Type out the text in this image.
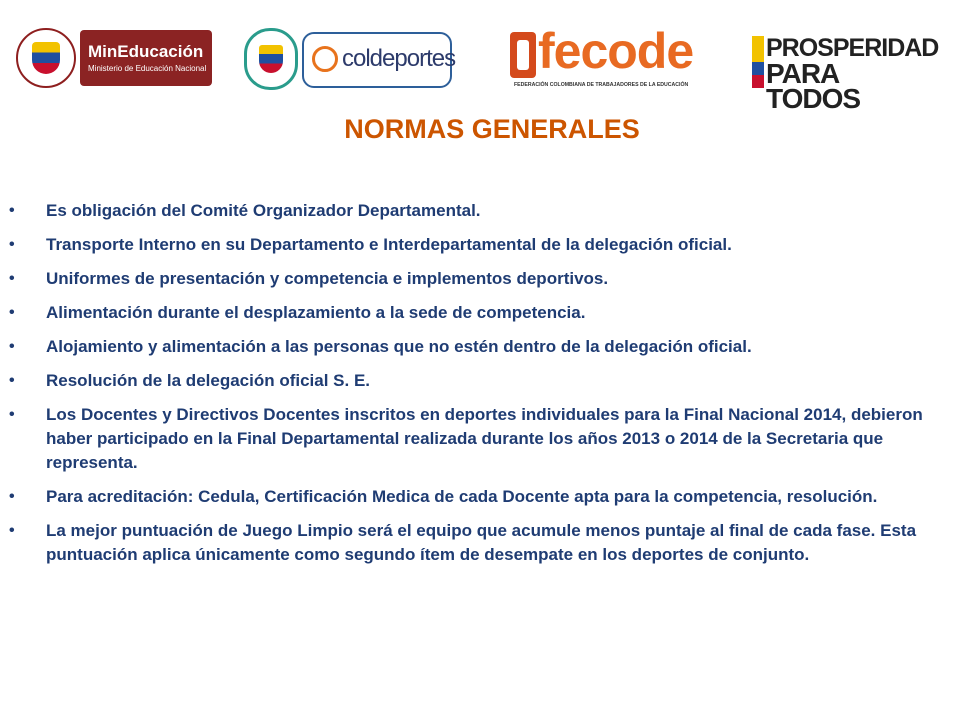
MinEducación
Ministerio de Educación Nacional	coldeportes fecode
FEDERACIÓN COLOMBIANA DE TRABAJADORES DE LA EDUCACIÓN
PROSPERIDAD
PARA TODOS
NORMAS GENERALES
• Es obligación del Comité Organizador Departamental.
• Transporte Interno en su Departamento e Interdepartamental de la delegación oficial.
• Uniformes de presentación y competencia e implementos deportivos.
• Alimentación durante el desplazamiento a la sede de competencia.
• Alojamiento y alimentación a las personas que no estén dentro de la delegación oficial.
• Resolución de la delegación oficial S. E.
• Los Docentes y Directivos Docentes inscritos en deportes individuales para la Final Nacional 2014, debieron haber participado en la Final Departamental realizada durante los años 2013 o 2014 de la Secretaria que representa.
• Para acreditación: Cedula, Certificación Medica de cada Docente apta para la competencia, resolución.
• La mejor puntuación de Juego Limpio será el equipo que acumule menos puntaje al final de cada fase. Esta puntuación aplica únicamente como segundo ítem de desempate en los deportes de conjunto.
